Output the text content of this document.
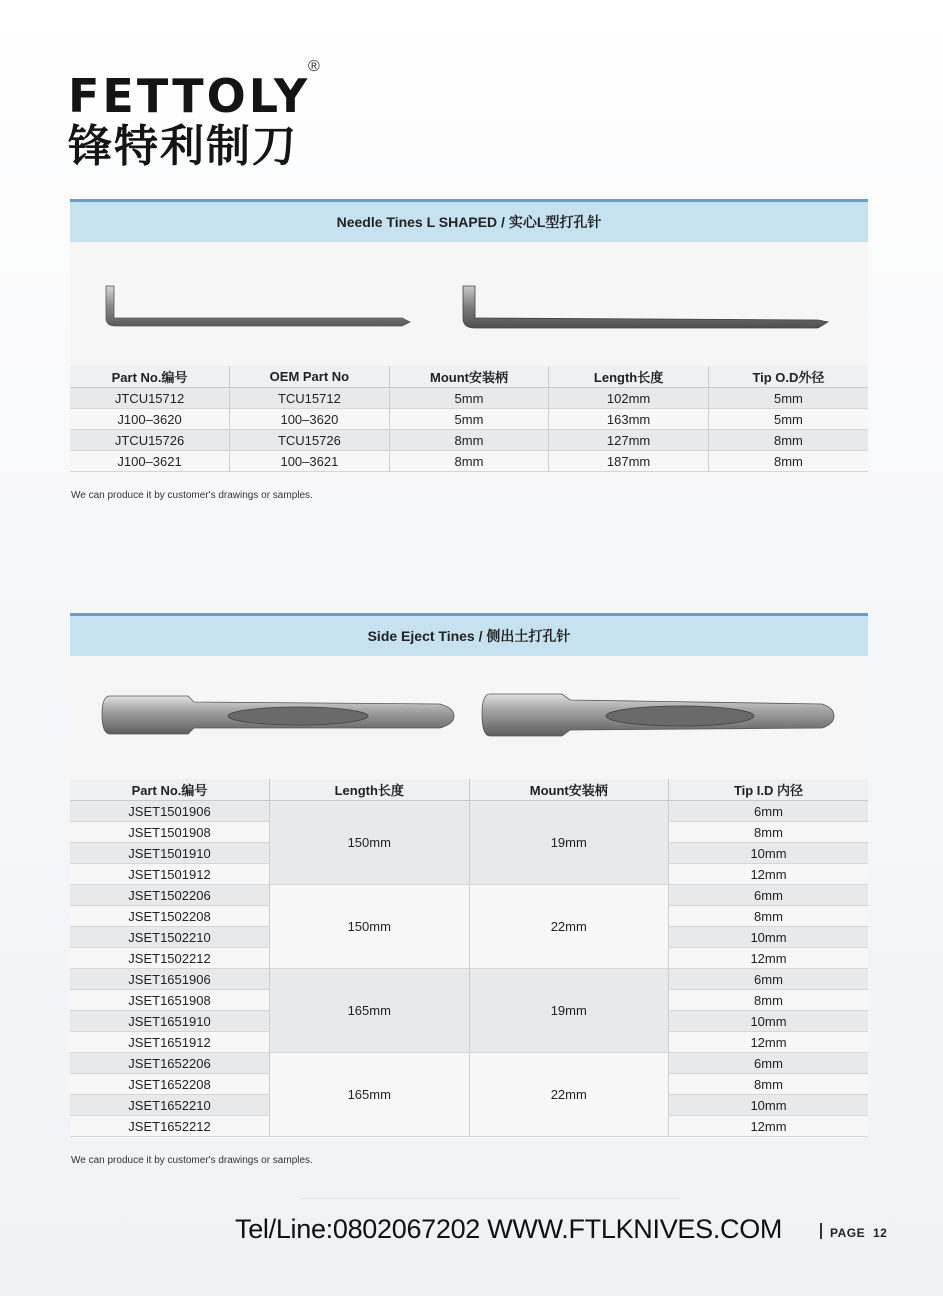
FETTOLY
®
锋特利制刀
Needle Tines L SHAPED / 实心L型打孔针
Part No.编号	OEM Part No	Mount安装柄	Length长度	Tip O.D外径
JTCU15712	TCU15712	5mm	102mm	5mm
J100–3620	100–3620	5mm	163mm	5mm
JTCU15726	TCU15726	8mm	127mm	8mm
J100–3621	100–3621	8mm	187mm	8mm
We can produce it by customer's drawings or samples.
Side Eject Tines / 侧出土打孔针
Part No.编号	Length长度	Mount安装柄	Tip I.D 内径
JSET1501906	150mm	19mm	6mm
JSET1501908			8mm
JSET1501910			10mm
JSET1501912			12mm
JSET1502206	150mm	22mm	6mm
JSET1502208			8mm
JSET1502210			10mm
JSET1502212			12mm
JSET1651906	165mm	19mm	6mm
JSET1651908			8mm
JSET1651910			10mm
JSET1651912			12mm
JSET1652206	165mm	22mm	6mm
JSET1652208			8mm
JSET1652210			10mm
JSET1652212			12mm
We can produce it by customer's drawings or samples.
Tel/Line:0802067202 WWW.FTLKNIVES.COM	PAGE 12
